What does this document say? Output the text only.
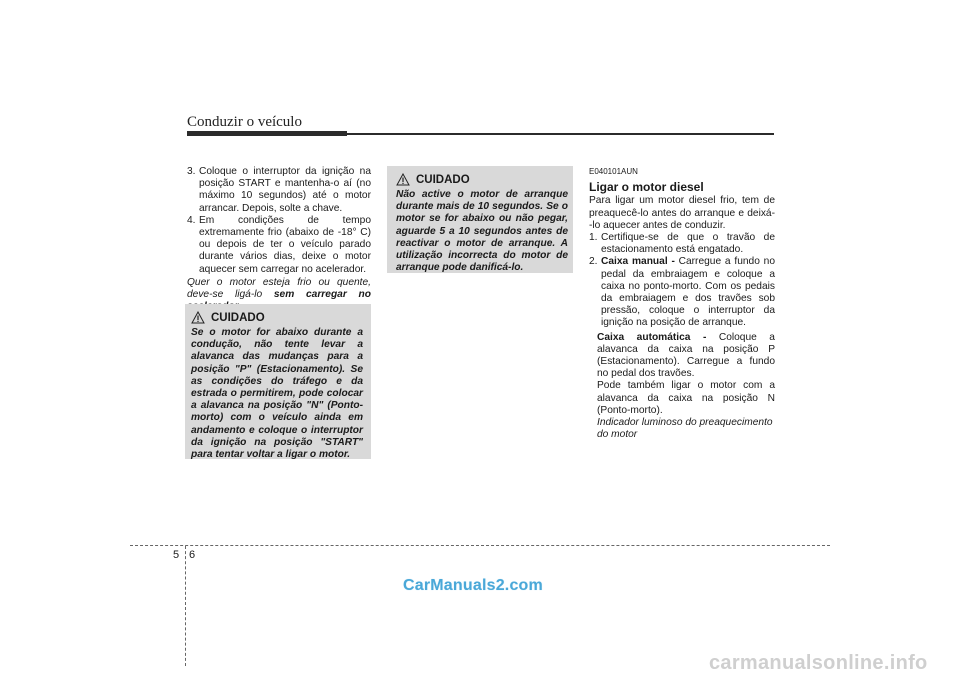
Conduzir o veículo
3. Coloque o interruptor da ignição na posição START e mantenha-o aí (no máximo 10 segundos) até o motor arrancar. Depois, solte a chave.
4. Em condições de tempo extremamente frio (abaixo de -18° C) ou depois de ter o veículo parado durante vários dias, deixe o motor aquecer sem carregar no acelerador.
Quer o motor esteja frio ou quente, deve-se ligá-lo sem carregar no
CUIDADO
Se o motor for abaixo durante a condução, não tente levar a alavanca das mudanças para a posição "P" (Estacionamento). Se as condições do tráfego e da estrada o permitirem, pode colocar a alavanca na posição "N" (Ponto-morto) com o veículo ainda em andamento e coloque o interruptor da ignição na posição "START" para tentar voltar a ligar o motor.
CUIDADO
Não active o motor de arranque durante mais de 10 segundos. Se o motor se for abaixo ou não pegar, aguarde 5 a 10 segundos antes de reactivar o motor de arranque. A utilização incorrecta do motor de arranque pode danificá-lo.
E040101AUN
Ligar o motor diesel
Para ligar um motor diesel frio, tem de preaquecê-lo antes do arranque e deixá--lo aquecer antes de conduzir.
1. Certifique-se de que o travão de estacionamento está engatado.
2. Caixa manual - Carregue a fundo no pedal da embraiagem e coloque a caixa no ponto-morto. Com os pedais da embraiagem e dos travões sob pressão, coloque o interruptor da ignição na posição de arranque.
Caixa automática - Coloque a alavanca da caixa na posição P (Estacionamento). Carregue a fundo no pedal dos travões.
Pode também ligar o motor com a alavanca da caixa na posição N (Ponto-morto).
Indicador luminoso do preaquecimento do motor
5 6
CarManuals2.com
carmanualsonline.info
